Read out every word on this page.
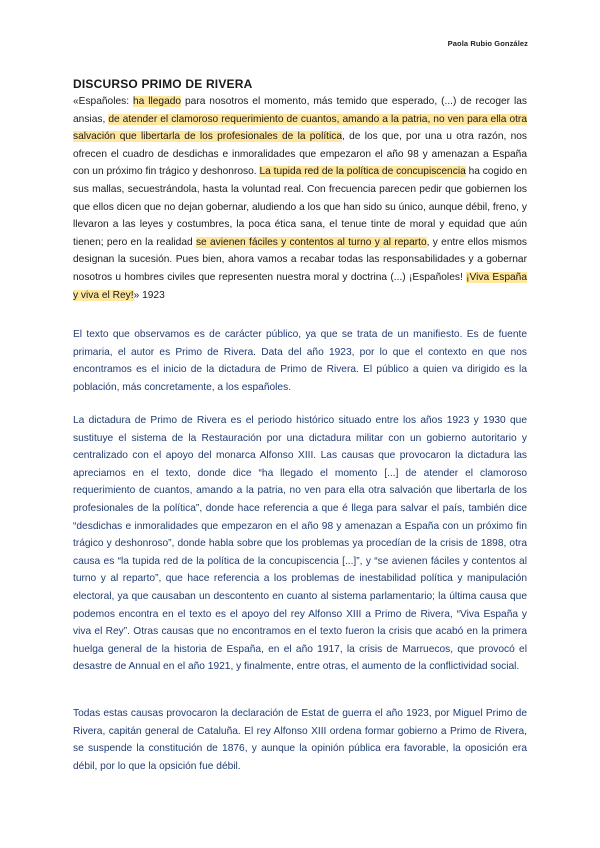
Paola Rubio González
DISCURSO PRIMO DE RIVERA

«Españoles: ha llegado para nosotros el momento, más temido que esperado, (...) de recoger las ansias, de atender el clamoroso requerimiento de cuantos, amando a la patria, no ven para ella otra salvación que libertarla de los profesionales de la política, de los que, por una u otra razón, nos ofrecen el cuadro de desdichas e inmoralidades que empezaron el año 98 y amenazan a España con un próximo fin trágico y deshonroso. La tupida red de la política de concupiscencia ha cogido en sus mallas, secuestrándola, hasta la voluntad real. Con frecuencia parecen pedir que gobiernen los que ellos dicen que no dejan gobernar, aludiendo a los que han sido su único, aunque débil, freno, y llevaron a las leyes y costumbres, la poca ética sana, el tenue tinte de moral y equidad que aún tienen; pero en la realidad se avienen fáciles y contentos al turno y al reparto, y entre ellos mismos designan la sucesión. Pues bien, ahora vamos a recabar todas las responsabilidades y a gobernar nosotros u hombres civiles que representen nuestra moral y doctrina (...) ¡Españoles! ¡Viva España y viva el Rey!» 1923

El texto que observamos es de carácter público, ya que se trata de un manifiesto. Es de fuente primaria, el autor es Primo de Rivera. Data del año 1923, por lo que el contexto en que nos encontramos es el inicio de la dictadura de Primo de Rivera. El público a quien va dirigido es la población, más concretamente, a los españoles.

La dictadura de Primo de Rivera es el periodo histórico situado entre los años 1923 y 1930 que sustituye el sistema de la Restauración por una dictadura militar con un gobierno autoritario y centralizado con el apoyo del monarca Alfonso XIII. Las causas que provocaron la dictadura las apreciamos en el texto, donde dice “ha llegado el momento [...] de atender el clamoroso requerimiento de cuantos, amando a la patria, no ven para ella otra salvación que libertarla de los profesionales de la política”, donde hace referencia a que é llega para salvar el país, también dice “desdichas e inmoralidades que empezaron en el año 98 y amenazan a España con un próximo fin trágico y deshonroso”, donde habla sobre que los problemas ya procedían de la crisis de 1898, otra causa es “la tupida red de la política de la concupiscencia [...]”, y “se avienen fáciles y contentos al turno y al reparto”, que hace referencia a los problemas de inestabilidad política y manipulación electoral, ya que causaban un descontento en cuanto al sistema parlamentario; la última causa que podemos encontra en el texto es el apoyo del rey Alfonso XIII a Primo de Rivera, “Viva España y viva el Rey”. Otras causas que no encontramos en el texto fueron la crisis que acabó en la primera huelga general de la historia de España, en el año 1917, la crisis de Marruecos, que provocó el desastre de Annual en el año 1921, y finalmente, entre otras, el aumento de la conflictividad social.

Todas estas causas provocaron la declaración de Estat de guerra el año 1923, por Miguel Primo de Rivera, capitán general de Cataluña. El rey Alfonso XIII ordena formar gobierno a Primo de Rivera, se suspende la constitución de 1876, y aunque la opinión pública era favorable, la oposición era débil, por lo que la opsición fue débil.
